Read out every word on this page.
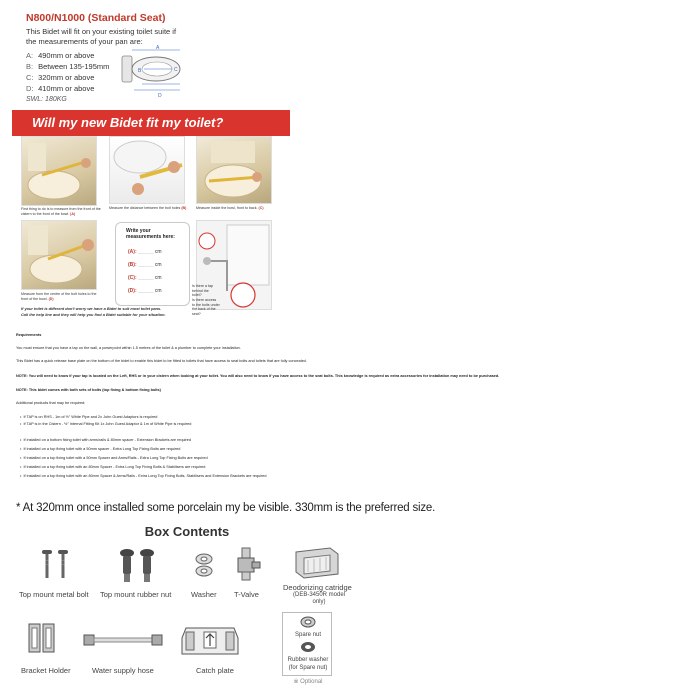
N800/N1000 (Standard Seat)
This Bidet will fit on your existing toilet suite if
the measurements of your pan are:
A: 490mm or above
B: Between 135-195mm
C: 320mm or above
D: 410mm or above
SWL: 180KG
A
B	C
D
Will my new Bidet fit my toilet?
First thing to do is to measure from the front of the cistern to the front of the bowl. (A)
Measure the distance between the bolt holes (B)	Measure inside the bowl, front to back. (C)
Measure from the centre of the bolt holes to the front of the bowl. (D)
Write your
measurements here:
(A): ______ cm
(B): ______ cm
(C): ______ cm
(D): ______ cm
Is there a tap behind the toilet?
Is there access to the bolts under the back of the seat?
If your toilet is different don't worry we have a Bidet to suit most toilet pans.
Call the help line and they will help you find a Bidet suitable for your situation.
Requirements
You must ensure that you have a tap on the wall, a powerpoint within 1.5 metres of the toilet & a plumber to complete your installation.
This Bidet has a quick release base plate on the bottom of the bidet to enable this bidet to be fitted to toilets that have access to seat bolts and toilets that are fully concealed.
NOTE: You will need to know if your tap is located on the Left, RHS or in your cistern when looking at your toilet. You will also need to know if you have access to the seat bolts. This knowledge is required as extra accessories for installation may need to be purchased.
NOTE: This bidet comes with both sets of bolts (top fixing & bottom fixing bolts)
Additional products that may be required:
•  If TAP is on RHS - 1m of ½" White Pipe and 2x John Guest Adaptors is required
•  If TAP is in the Cistern - ½" Internal Fitting Kit 1x John Guest Adaptor & 1m of White Pipe is required
•  If installed on a bottom fixing toilet with arms/rails & 80mm spacer - Extension Brackets are required
•  If installed on a top fixing toilet with a 50mm spacer - Extra Long Top Fixing Bolts are required
•  If installed on a top fixing toilet with a 50mm Spacer and Arms/Rails - Extra Long Top Fixing Bolts are required
•  If installed on a top fixing toilet with an 80mm Spacer - Extra Long Top Fixing Bolts & Stabilisers are required
•  If installed on a top fixing toilet with an 80mm Spacer & Arms/Rails - Extra Long Top Fixing Bolts, Stabilisers and Extension Brackets are required
* At 320mm once installed some porcelain my be visible. 330mm is the preferred size.
Box Contents
Top mount metal bolt Top mount rubber nut	Washer T-Valve
Deodorizing catridge
(DEB-3450R model only)
Bracket Holder	Water supply hose	Catch plate
Spare nut
Rubber washer
(for Spare nut)
※ Optional
